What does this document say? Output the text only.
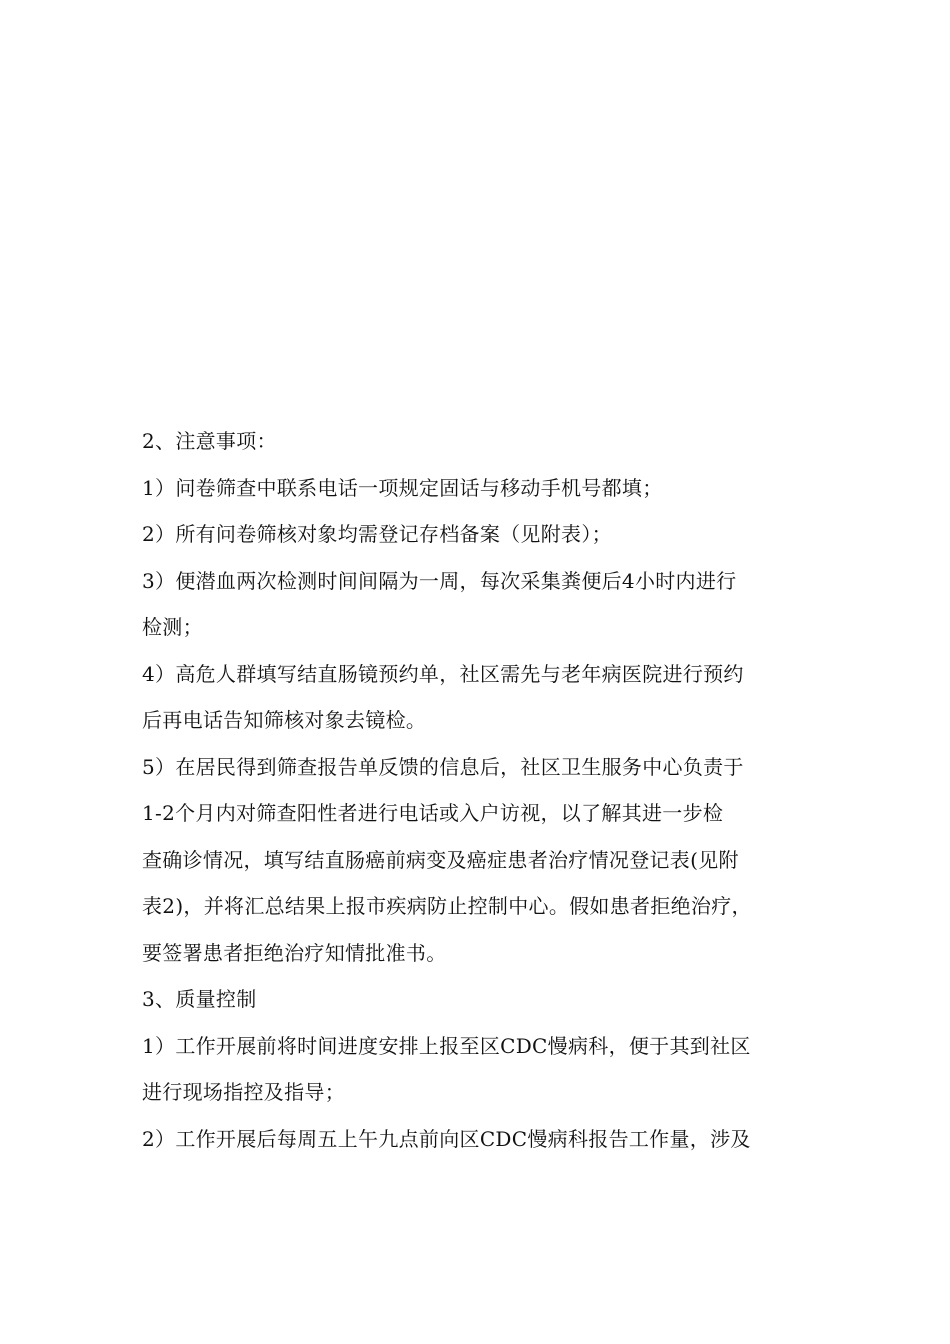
2、注意事项：
1）问卷筛查中联系电话一项规定固话与移动手机号都填；
2）所有问卷筛核对象均需登记存档备案（见附表）；
3）便潜血两次检测时间间隔为一周，每次采集粪便后4小时内进行
检测；
4）高危人群填写结直肠镜预约单，社区需先与老年病医院进行预约
后再电话告知筛核对象去镜检。
5）在居民得到筛查报告单反馈的信息后，社区卫生服务中心负责于
1-2个月内对筛查阳性者进行电话或入户访视，以了解其进一步检
查确诊情况，填写结直肠癌前病变及癌症患者治疗情况登记表(见附
表2)，并将汇总结果上报市疾病防止控制中心。假如患者拒绝治疗，
要签署患者拒绝治疗知情批准书。
3、质量控制
1）工作开展前将时间进度安排上报至区CDC慢病科，便于其到社区
进行现场指控及指导；
2）工作开展后每周五上午九点前向区CDC慢病科报告工作量，涉及
